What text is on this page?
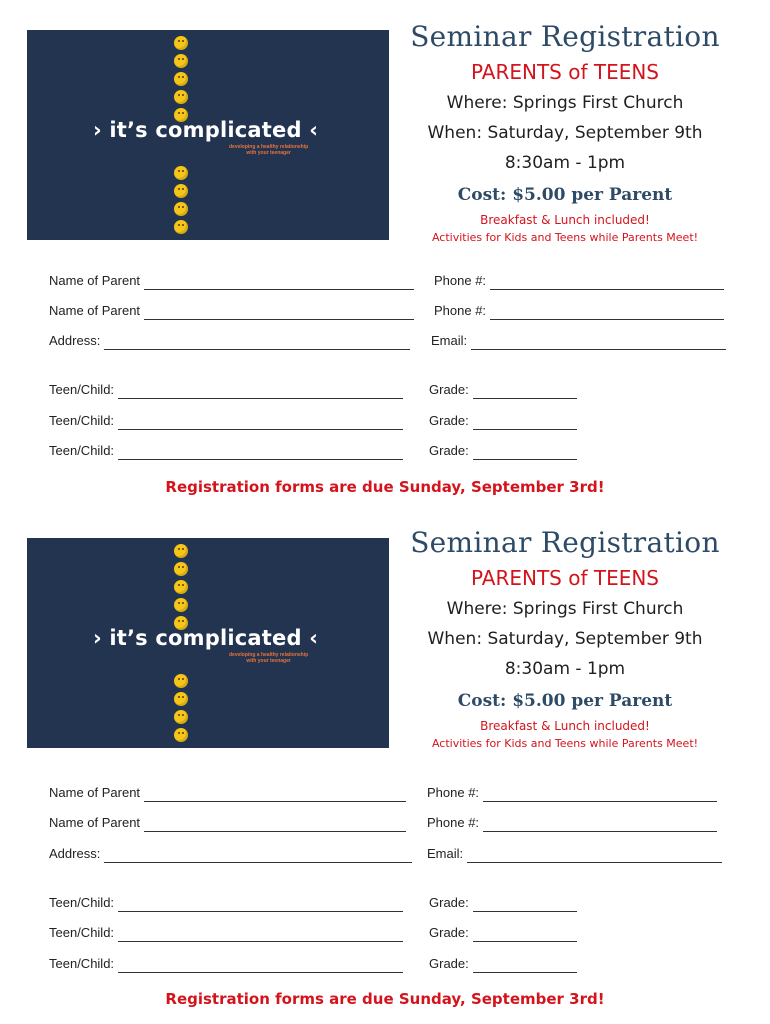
› it’s complicated ‹
developing a healthy relationship
with your teenager
Seminar Registration
PARENTS of TEENS
Where: Springs First Church
When: Saturday, September 9th
8:30am - 1pm
Cost: $5.00 per Parent
Breakfast & Lunch included!
Activities for Kids and Teens while Parents Meet!
Name of Parent	Phone #:
Name of Parent	Phone #:
Address:	Email:
Teen/Child:	Grade:
Teen/Child:	Grade:
Teen/Child:	Grade:
Registration forms are due Sunday, September 3rd!
› it’s complicated ‹
developing a healthy relationship
with your teenager
Seminar Registration
PARENTS of TEENS
Where: Springs First Church
When: Saturday, September 9th
8:30am - 1pm
Cost: $5.00 per Parent
Breakfast & Lunch included!
Activities for Kids and Teens while Parents Meet!
Name of Parent	Phone #:
Name of Parent	Phone #:
Address:	Email:
Teen/Child:	Grade:
Teen/Child:	Grade:
Teen/Child:	Grade:
Registration forms are due Sunday, September 3rd!
